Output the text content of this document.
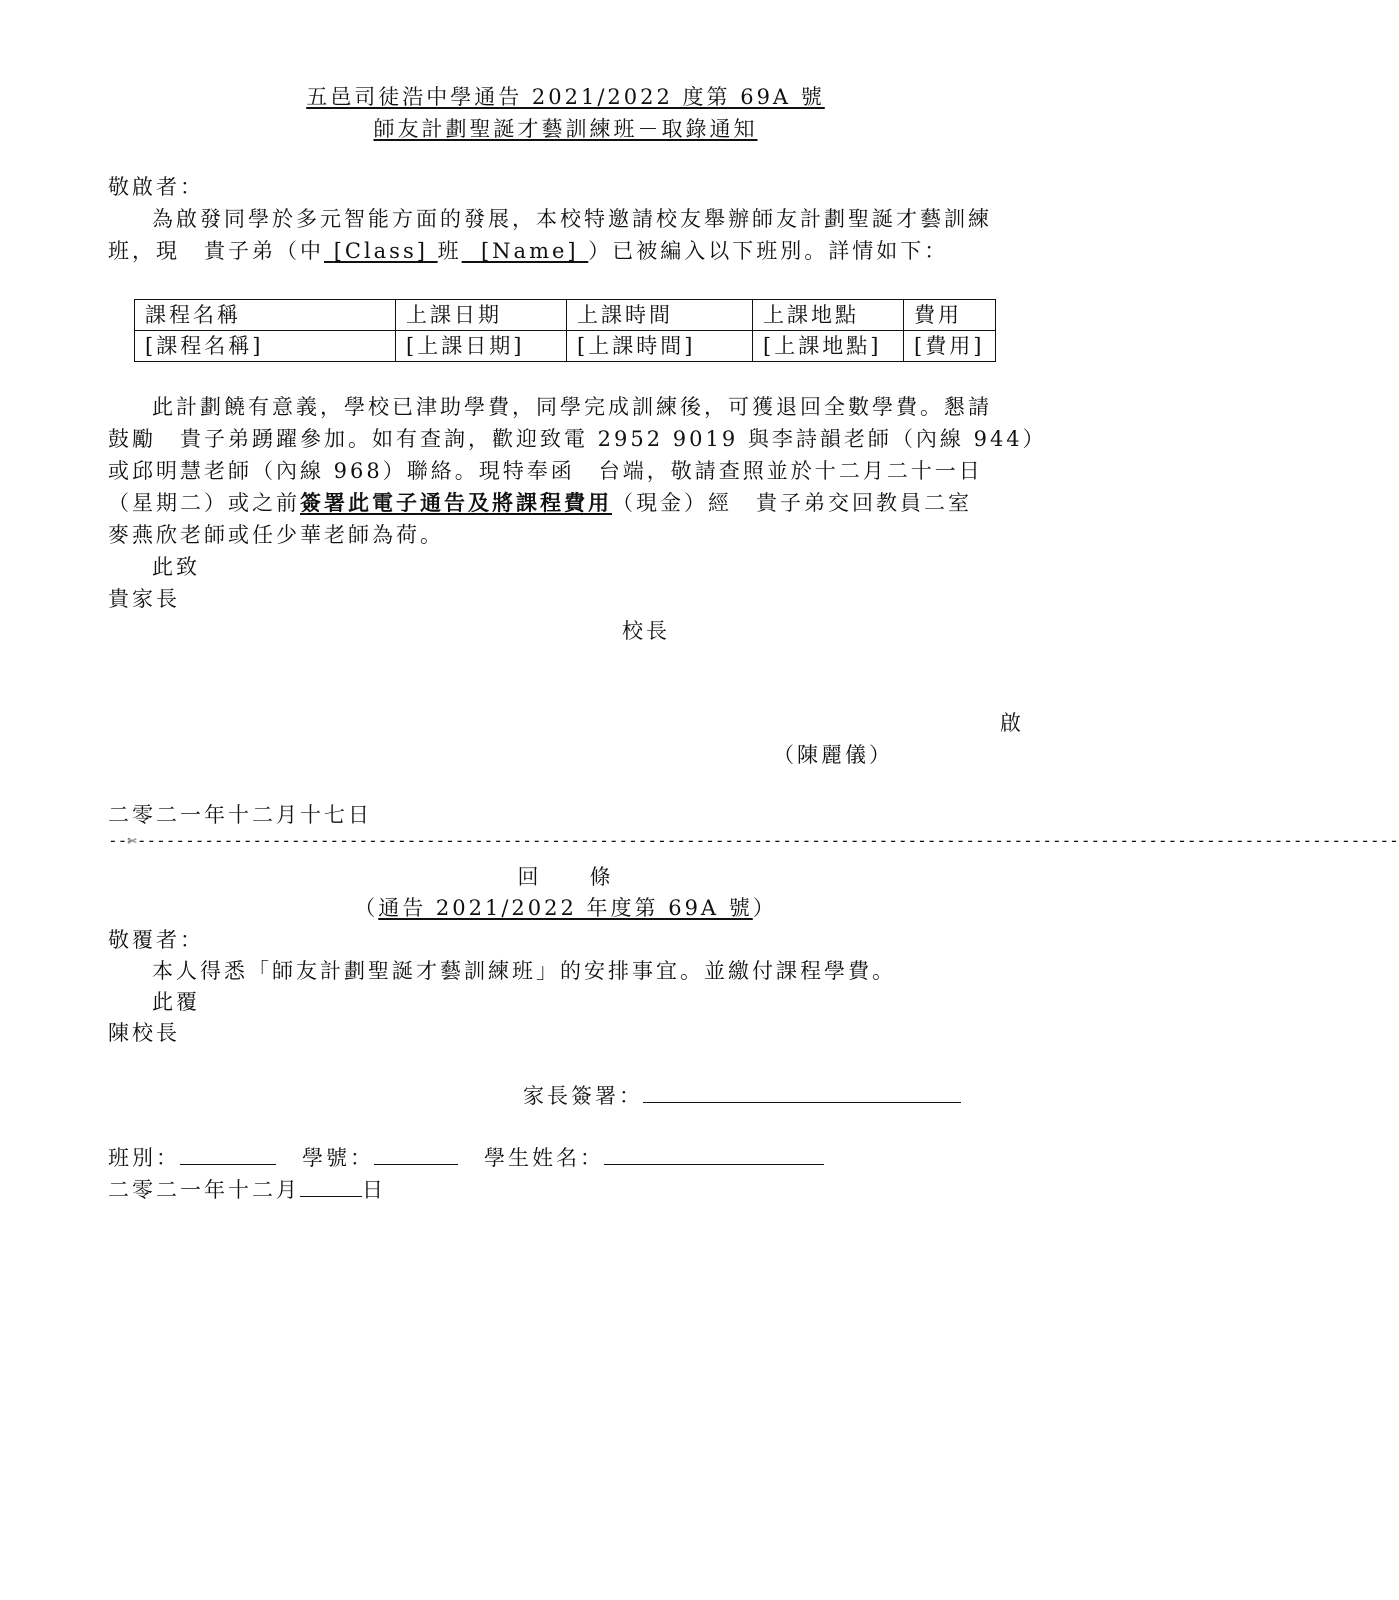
五邑司徒浩中學通告 2021/2022 度第 69A 號
師友計劃聖誕才藝訓練班－取錄通知
敬啟者：
為啟發同學於多元智能方面的發展，本校特邀請校友舉辦師友計劃聖誕才藝訓練
班，現　貴子弟（中 [Class] 班 [Name] ）已被編入以下班別。詳情如下：
課程名稱	上課日期	上課時間	上課地點	費用
[課程名稱]	[上課日期]	[上課時間]	[上課地點]	[費用]
此計劃饒有意義，學校已津助學費，同學完成訓練後，可獲退回全數學費。懇請
鼓勵　貴子弟踴躍參加。如有查詢，歡迎致電 2952 9019 與李詩韻老師（內線 944）
或邱明慧老師（內線 968）聯絡。現特奉函　台端，敬請查照並於十二月二十一日
（星期二）或之前簽署此電子通告及將課程費用（現金）經　貴子弟交回教員二室
麥燕欣老師或任少華老師為荷。
此致
貴家長
校長
啟
（陳麗儀）
二零二一年十二月十七日
--✄-----------------------------------------------------------------------------------------------------------------------------------
回　　條
（通告 2021/2022 年度第 69A 號）
敬覆者：
本人得悉「師友計劃聖誕才藝訓練班」的安排事宜。並繳付課程學費。
此覆
陳校長
家長簽署：
班別：	學號：	學生姓名：
二零二一年十二月	日
